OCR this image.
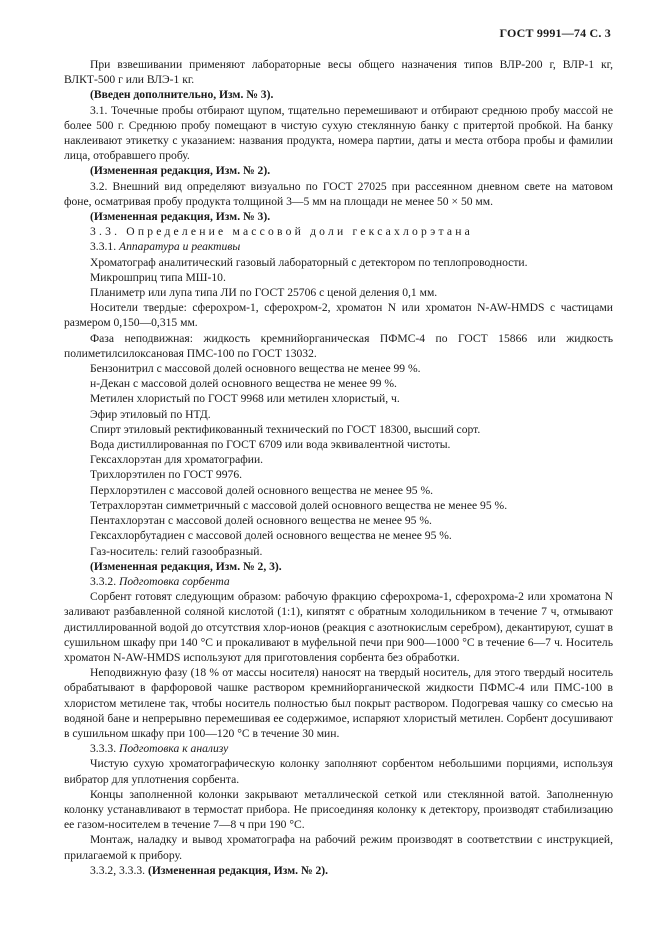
ГОСТ 9991—74 С. 3

При взвешивании применяют лабораторные весы общего назначения типов ВЛР-200 г, ВЛР-1 кг, ВЛКТ-500 г или ВЛЭ-1 кг.

(Введен дополнительно, Изм. № 3).

3.1. Точечные пробы отбирают щупом, тщательно перемешивают и отбирают среднюю пробу массой не более 500 г. Среднюю пробу помещают в чистую сухую стеклянную банку с притертой пробкой. На банку наклеивают этикетку с указанием: названия продукта, номера партии, даты и места отбора пробы и фамилии лица, отобравшего пробу.

(Измененная редакция, Изм. № 2).

3.2. Внешний вид определяют визуально по ГОСТ 27025 при рассеянном дневном свете на матовом фоне, осматривая пробу продукта толщиной 3—5 мм на площади не менее 50 × 50 мм.

(Измененная редакция, Изм. № 3).

3.3. Определение массовой доли гексахлорэтана

3.3.1. Аппаратура и реактивы

Хроматограф аналитический газовый лабораторный с детектором по теплопроводности.

Микрошприц типа МШ-10.

Планиметр или лупа типа ЛИ по ГОСТ 25706 с ценой деления 0,1 мм.

Носители твердые: сферохром-1, сферохром-2, хроматон N или хроматон N-AW-HMDS с частицами размером 0,150—0,315 мм.

Фаза неподвижная: жидкость кремнийорганическая ПФМС-4 по ГОСТ 15866 или жидкость полиметилсилоксановая ПМС-100 по ГОСТ 13032.

Бензонитрил с массовой долей основного вещества не менее 99 %.

н-Декан с массовой долей основного вещества не менее 99 %.

Метилен хлористый по ГОСТ 9968 или метилен хлористый, ч.

Эфир этиловый по НТД.

Спирт этиловый ректификованный технический по ГОСТ 18300, высший сорт.

Вода дистиллированная по ГОСТ 6709 или вода эквивалентной чистоты.

Гексахлорэтан для хроматографии.

Трихлорэтилен по ГОСТ 9976.

Перхлорэтилен с массовой долей основного вещества не менее 95 %.

Тетрахлорэтан симметричный с массовой долей основного вещества не менее 95 %.

Пентахлорэтан с массовой долей основного вещества не менее 95 %.

Гексахлорбутадиен с массовой долей основного вещества не менее 95 %.

Газ-носитель: гелий газообразный.

(Измененная редакция, Изм. № 2, 3).

3.3.2. Подготовка сорбента

Сорбент готовят следующим образом: рабочую фракцию сферохрома-1, сферохрома-2 или хроматона N заливают разбавленной соляной кислотой (1:1), кипятят с обратным холодильником в течение 7 ч, отмывают дистиллированной водой до отсутствия хлор-ионов (реакция с азотнокислым серебром), декантируют, сушат в сушильном шкафу при 140 °С и прокаливают в муфельной печи при 900—1000 °С в течение 6—7 ч. Носитель хроматон N-AW-HMDS используют для приготовления сорбента без обработки.

Неподвижную фазу (18 % от массы носителя) наносят на твердый носитель, для этого твердый носитель обрабатывают в фарфоровой чашке раствором кремнийорганической жидкости ПФМС-4 или ПМС-100 в хлористом метилене так, чтобы носитель полностью был покрыт раствором. Подогревая чашку со смесью на водяной бане и непрерывно перемешивая ее содержимое, испаряют хлористый метилен. Сорбент досушивают в сушильном шкафу при 100—120 °С в течение 30 мин.

3.3.3. Подготовка к анализу

Чистую сухую хроматографическую колонку заполняют сорбентом небольшими порциями, используя вибратор для уплотнения сорбента.

Концы заполненной колонки закрывают металлической сеткой или стеклянной ватой. Заполненную колонку устанавливают в термостат прибора. Не присоединяя колонку к детектору, производят стабилизацию ее газом-носителем в течение 7—8 ч при 190 °С.

Монтаж, наладку и вывод хроматографа на рабочий режим производят в соответствии с инструкцией, прилагаемой к прибору.

3.3.2, 3.3.3. (Измененная редакция, Изм. № 2).
